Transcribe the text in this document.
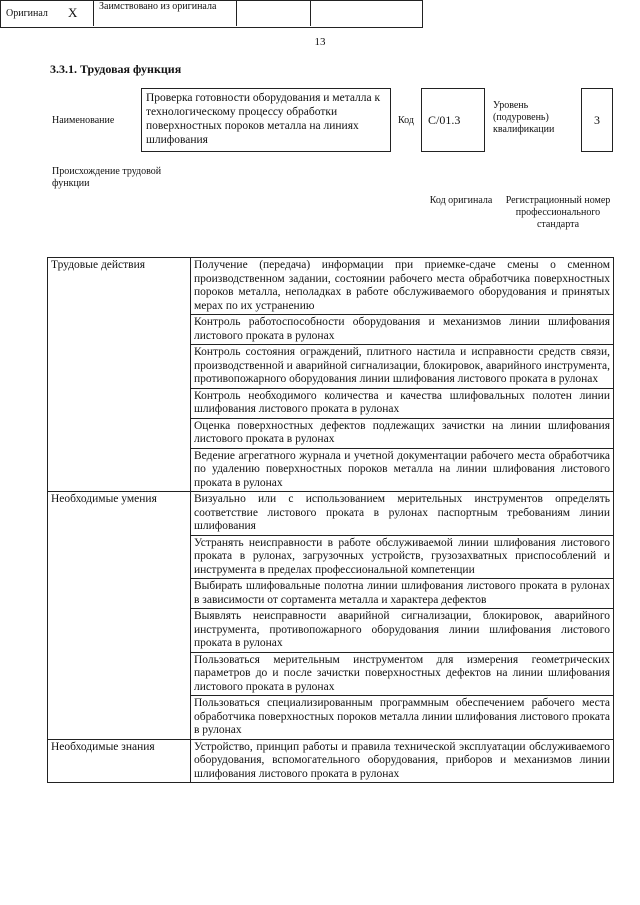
13
3.3.1. Трудовая функция
Наименование
Проверка готовности оборудования и металла к технологическому процессу обработки поверхностных пороков металла на линиях шлифования
Код	C/01.3
Уровень (подуровень) квалификации
3
Происхождение трудовой функции
Оригинал X Заимствовано из оригинала
Код оригинала	Регистрационный номер профессионального стандарта
Трудовые действия	Получение (передача) информации при приемке-сдаче смены о сменном производственном задании, состоянии рабочего места обработчика поверхностных пороков металла, неполадках в работе обслуживаемого оборудования и принятых мерах по их устранению
	Контроль работоспособности оборудования и механизмов линии шлифования листового проката в рулонах
	Контроль состояния ограждений, плитного настила и исправности средств связи, производственной и аварийной сигнализации, блокировок, аварийного инструмента, противопожарного оборудования линии шлифования листового проката в рулонах
	Контроль необходимого количества и качества шлифовальных полотен линии шлифования листового проката в рулонах
	Оценка поверхностных дефектов подлежащих зачистки на линии шлифования листового проката в рулонах
	Ведение агрегатного журнала и учетной документации рабочего места обработчика по удалению поверхностных пороков металла на линии шлифования листового проката в рулонах
Необходимые умения	Визуально или с использованием мерительных инструментов определять соответствие листового проката в рулонах паспортным требованиям линии шлифования
	Устранять неисправности в работе обслуживаемой линии шлифования листового проката в рулонах, загрузочных устройств, грузозахватных приспособлений и инструмента в пределах профессиональной компетенции
	Выбирать шлифовальные полотна линии шлифования листового проката в рулонах в зависимости от сортамента металла и характера дефектов
	Выявлять неисправности аварийной сигнализации, блокировок, аварийного инструмента, противопожарного оборудования линии шлифования листового проката в рулонах
	Пользоваться мерительным инструментом для измерения геометрических параметров до и после зачистки поверхностных дефектов на линии шлифования листового проката в рулонах
	Пользоваться специализированным программным обеспечением рабочего места обработчика поверхностных пороков металла линии шлифования листового проката в рулонах
Необходимые знания	Устройство, принцип работы и правила технической эксплуатации обслуживаемого оборудования, вспомогательного оборудования, приборов и механизмов линии шлифования листового проката в рулонах
